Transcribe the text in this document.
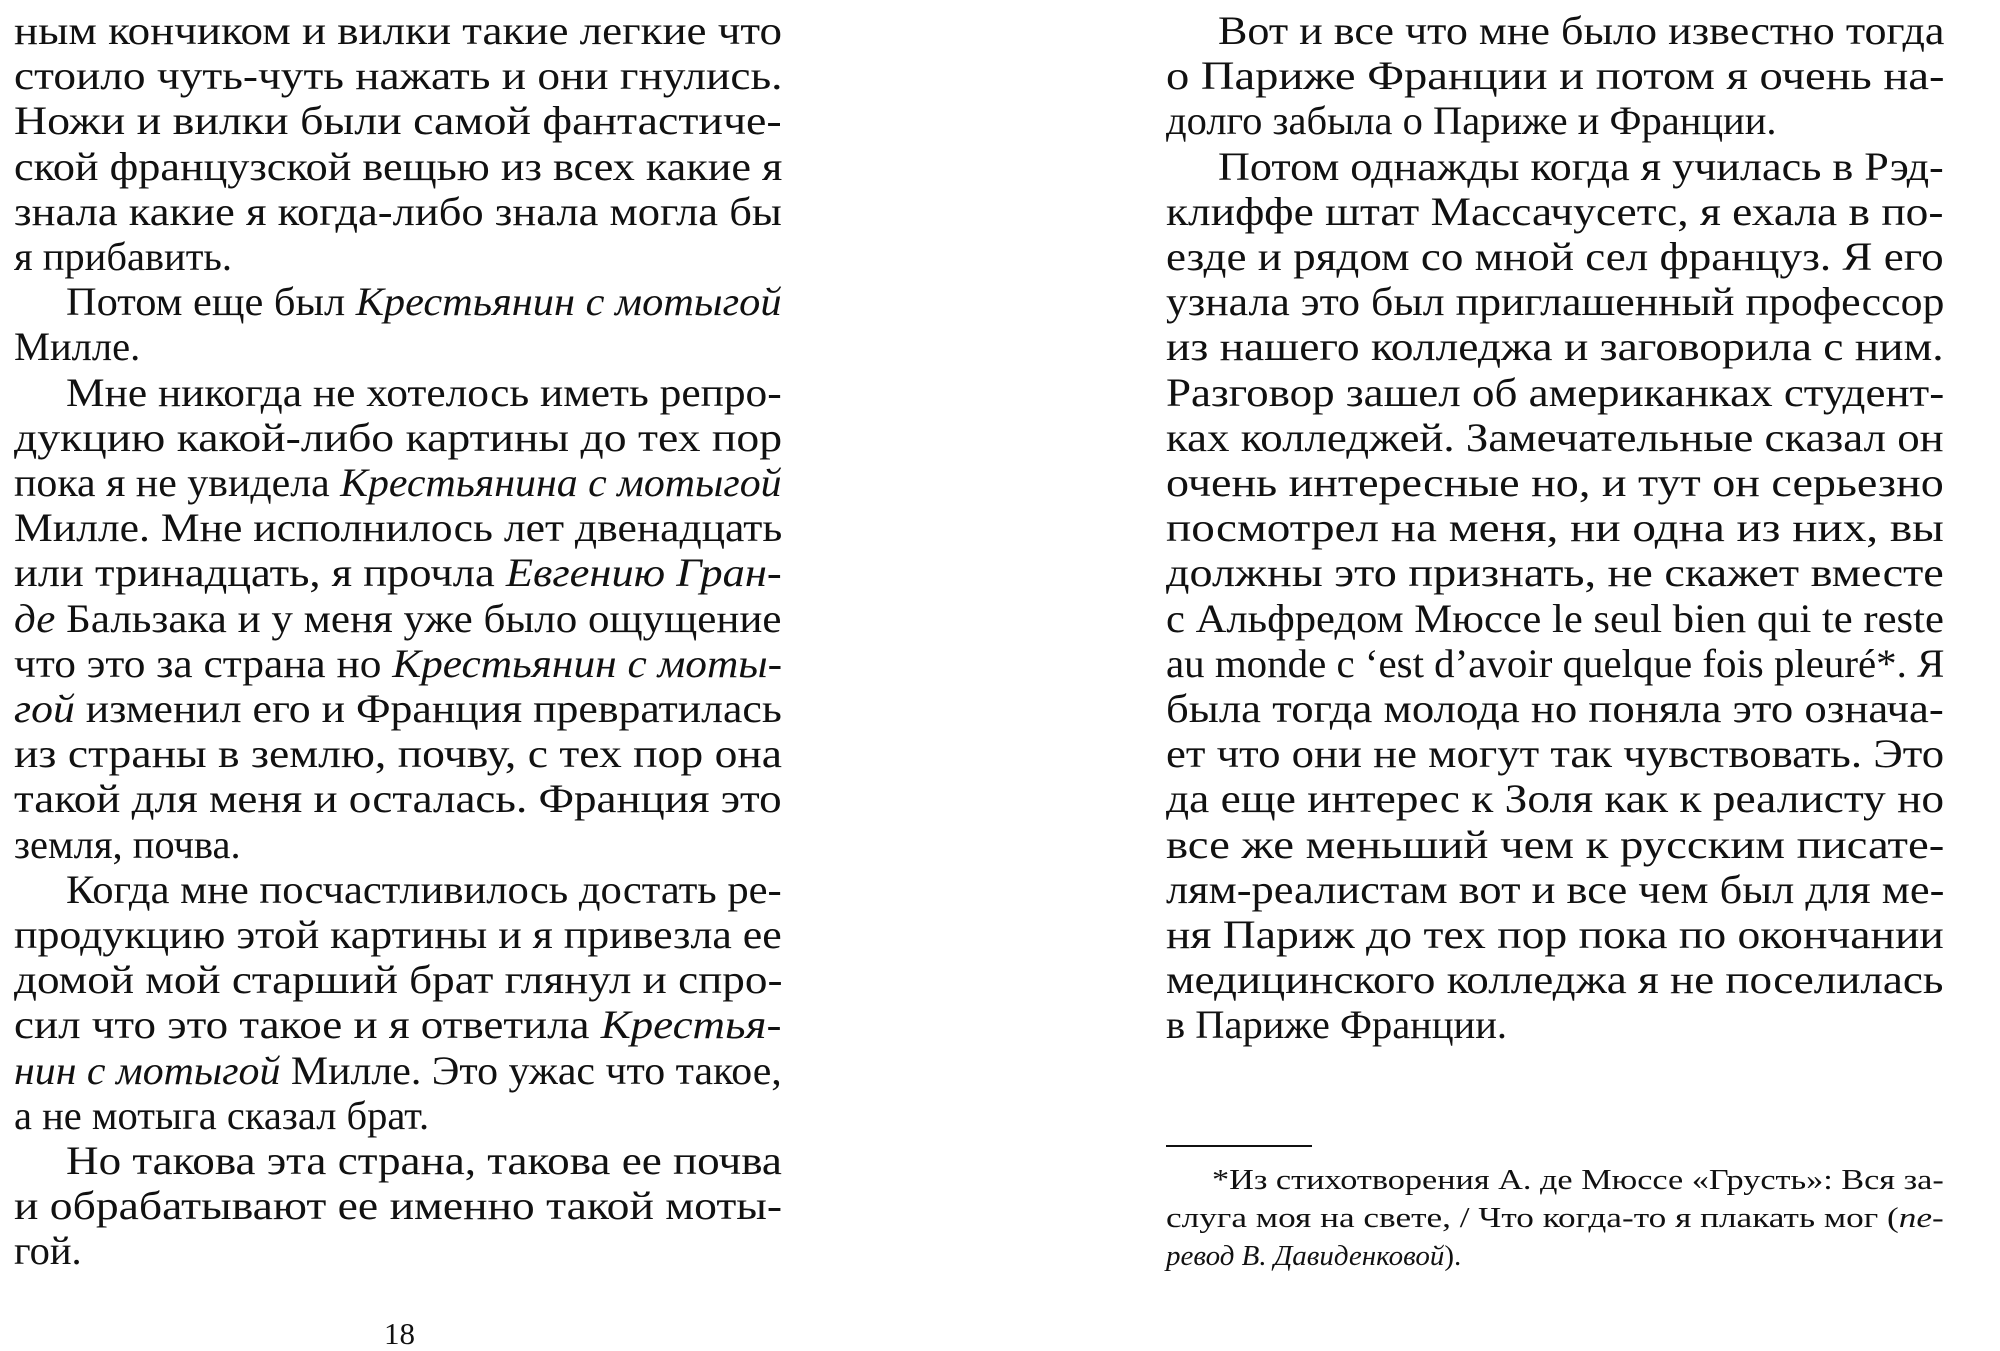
ным кончиком и вилки такие легкие что
стоило чуть-чуть нажать и они гнулись.
Ножи и вилки были самой фантастиче-
ской французской вещью из всех какие я
знала какие я когда-либо знала могла бы
я прибавить.
Потом еще был Крестьянин с мотыгой
Милле.
Мне никогда не хотелось иметь репро-
дукцию какой-либо картины до тех пор
пока я не увидела Крестьянина с мотыгой
Милле. Мне исполнилось лет двенадцать
или тринадцать, я прочла Евгению Гран-
де Бальзака и у меня уже было ощущение
что это за страна но Крестьянин с моты-
гой изменил его и Франция превратилась
из страны в землю, почву, с тех пор она
такой для меня и осталась. Франция это
земля, почва.
Когда мне посчастливилось достать ре-
продукцию этой картины и я привезла ее
домой мой старший брат глянул и спро-
сил что это такое и я ответила Крестья-
нин с мотыгой Милле. Это ужас что такое,
а не мотыга сказал брат.
Но такова эта страна, такова ее почва
и обрабатывают ее именно такой моты-
гой.
Вот и все что мне было известно тогда
о Париже Франции и потом я очень на-
долго забыла о Париже и Франции.
Потом однажды когда я училась в Рэд-
клиффе штат Массачусетс, я ехала в по-
езде и рядом со мной сел француз. Я его
узнала это был приглашенный профессор
из нашего колледжа и заговорила с ним.
Разговор зашел об американках студент-
ках колледжей. Замечательные сказал он
очень интересные но, и тут он серьезно
посмотрел на меня, ни одна из них, вы
должны это признать, не скажет вместе
с Альфредом Мюссе le seul bien qui te reste
au monde c ‘est d’avoir quelque fois pleuré*. Я
была тогда молода но поняла это означа-
ет что они не могут так чувствовать. Это
да еще интерес к Золя как к реалисту но
все же меньший чем к русским писате-
лям-реалистам вот и все чем был для ме-
ня Париж до тех пор пока по окончании
медицинского колледжа я не поселилась
в Париже Франции.
*Из стихотворения А. де Мюссе «Грусть»: Вся за-
слуга моя на свете, / Что когда-то я плакать мог (пе-
ревод В. Давиденковой).
18
